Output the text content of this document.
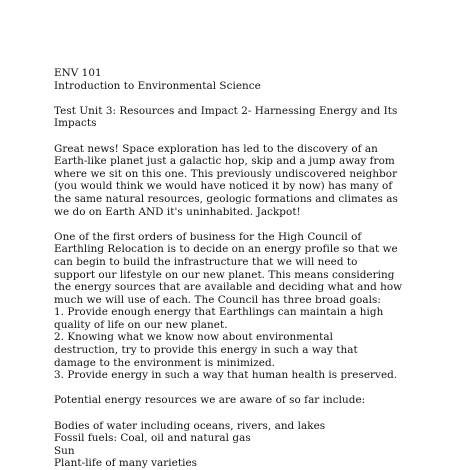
ENV 101
Introduction to Environmental Science
Test Unit 3: Resources and Impact 2- Harnessing Energy and Its
Impacts
Great news! Space exploration has led to the discovery of an
Earth-like planet just a galactic hop, skip and a jump away from
where we sit on this one. This previously undiscovered neighbor
(you would think we would have noticed it by now) has many of
the same natural resources, geologic formations and climates as
we do on Earth AND it's uninhabited. Jackpot!
One of the first orders of business for the High Council of
Earthling Relocation is to decide on an energy profile so that we
can begin to build the infrastructure that we will need to
support our lifestyle on our new planet. This means considering
the energy sources that are available and deciding what and how
much we will use of each. The Council has three broad goals:
1. Provide enough energy that Earthlings can maintain a high
quality of life on our new planet.
2. Knowing what we know now about environmental
destruction, try to provide this energy in such a way that
damage to the environment is minimized.
3. Provide energy in such a way that human health is preserved.
Potential energy resources we are aware of so far include:
Bodies of water including oceans, rivers, and lakes
Fossil fuels: Coal, oil and natural gas
Sun
Plant-life of many varieties
